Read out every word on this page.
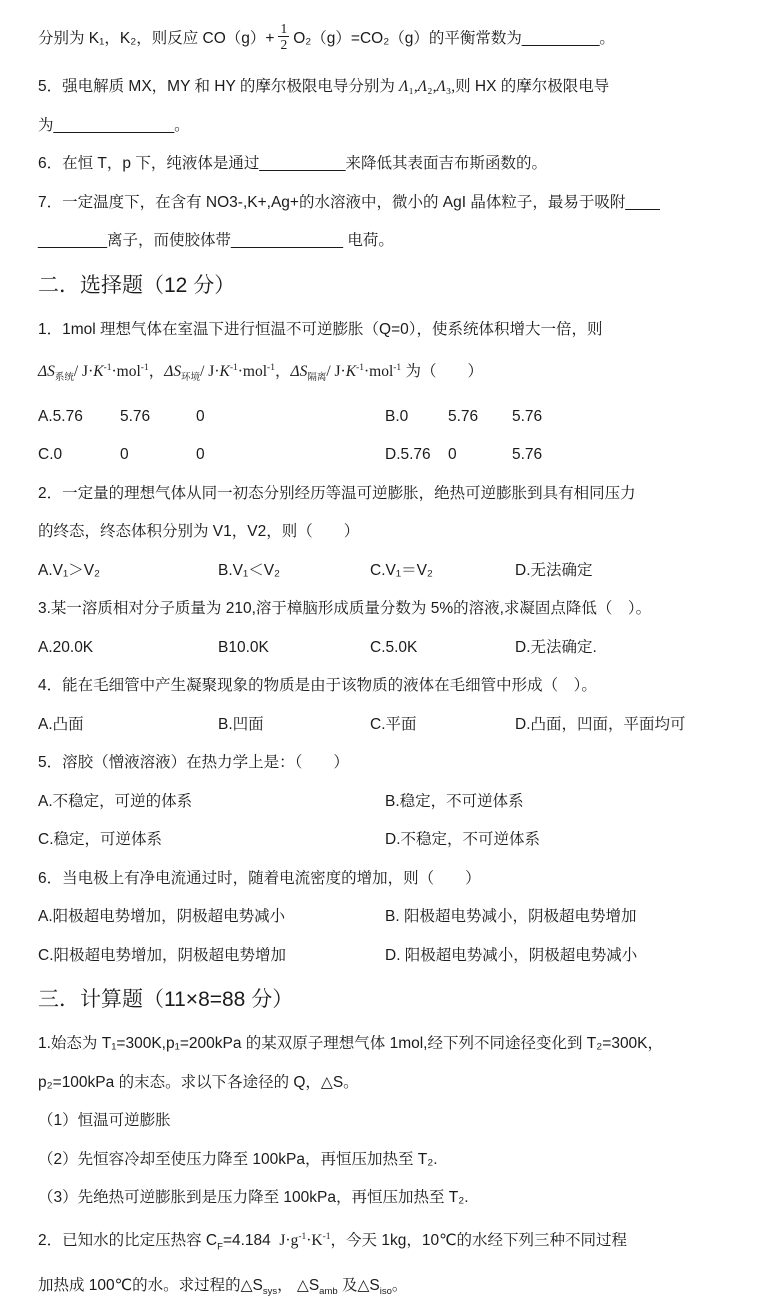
分别为 K₁，K₂，则反应 $CO(g)+ \frac{1}{2} O_2(g)=CO_2(g)$的平衡常数为_________。
5．强电解质 MX，MY 和 HY 的摩尔极限电导分别为 Λ₁,Λ₂,Λ₃,则 HX 的摩尔极限电导
为______________。
6．在恒 T，p 下，纯液体是通过__________来降低其表面吉布斯函数的。
7．一定温度下，在含有 NO3-,K+,Ag+的水溶液中，微小的 AgI 晶体粒子，最易于吸附____
________离子，而使胶体带_____________ 电荷。
二．选择题（12 分）
1．1mol 理想气体在室温下进行恒温不可逆膨胀（Q=0），使系统体积增大一倍，则
$\Delta S_{系统}/$ $J\cdot K^{-1}\cdot mol^{-1}$，$\Delta S_{环境}/$ $J\cdot K^{-1}\cdot mol^{-1}$，$\Delta S_{隔离}/$ $J\cdot K^{-1}\cdot mol^{-1}$ 为（　　）
A.5.76	5.76	0	B.0	5.76	5.76
C.0	0	0	D.5.76	0	5.76
2．一定量的理想气体从同一初态分别经历等温可逆膨胀，绝热可逆膨胀到具有相同压力
的终态，终态体积分别为 V1，V2，则（　　）
A.V₁＞V₂	B.V₁＜V₂	C.V₁＝V₂	D.无法确定
3.某一溶质相对分子质量为 210,溶于樟脑形成质量分数为 5%的溶液,求凝固点降低（　）。
A.20.0K	B10.0K	C.5.0K	D.无法确定.
4．能在毛细管中产生凝聚现象的物质是由于该物质的液体在毛细管中形成（　）。
A.凸面	B.凹面	C.平面	D.凸面，凹面，平面均可
5．溶胶（憎液溶液）在热力学上是：（　　）
A.不稳定，可逆的体系	B.稳定，不可逆体系
C.稳定，可逆体系	D.不稳定，不可逆体系
6．当电极上有净电流通过时，随着电流密度的增加，则（　　）
A.阳极超电势增加，阴极超电势减小	B. 阳极超电势减小，阴极超电势增加
C.阳极超电势增加，阴极超电势增加	D. 阳极超电势减小，阴极超电势减小
三．计算题（11×8=88 分）
1.始态为 T₁=300K,p₁=200kPa 的某双原子理想气体 1mol,经下列不同途径变化到 T₂=300K，
p₂=100kPa 的末态。求以下各途径的 Q，△S。
（1）恒温可逆膨胀
（2）先恒容冷却至使压力降至 100kPa，再恒压加热至 T₂.
（3）先绝热可逆膨胀到是压力降至 100kPa，再恒压加热至 T₂.
2．已知水的比定压热容 $C_F=4.184$  $J\cdot g^{-1}\cdot K^{-1}$，今天 1kg，10℃的水经下列三种不同过程
加热成 100℃的水。求过程的$\triangle S_{sys}$， $\triangle S_{amb}$ 及$\triangle S_{iso}$。
